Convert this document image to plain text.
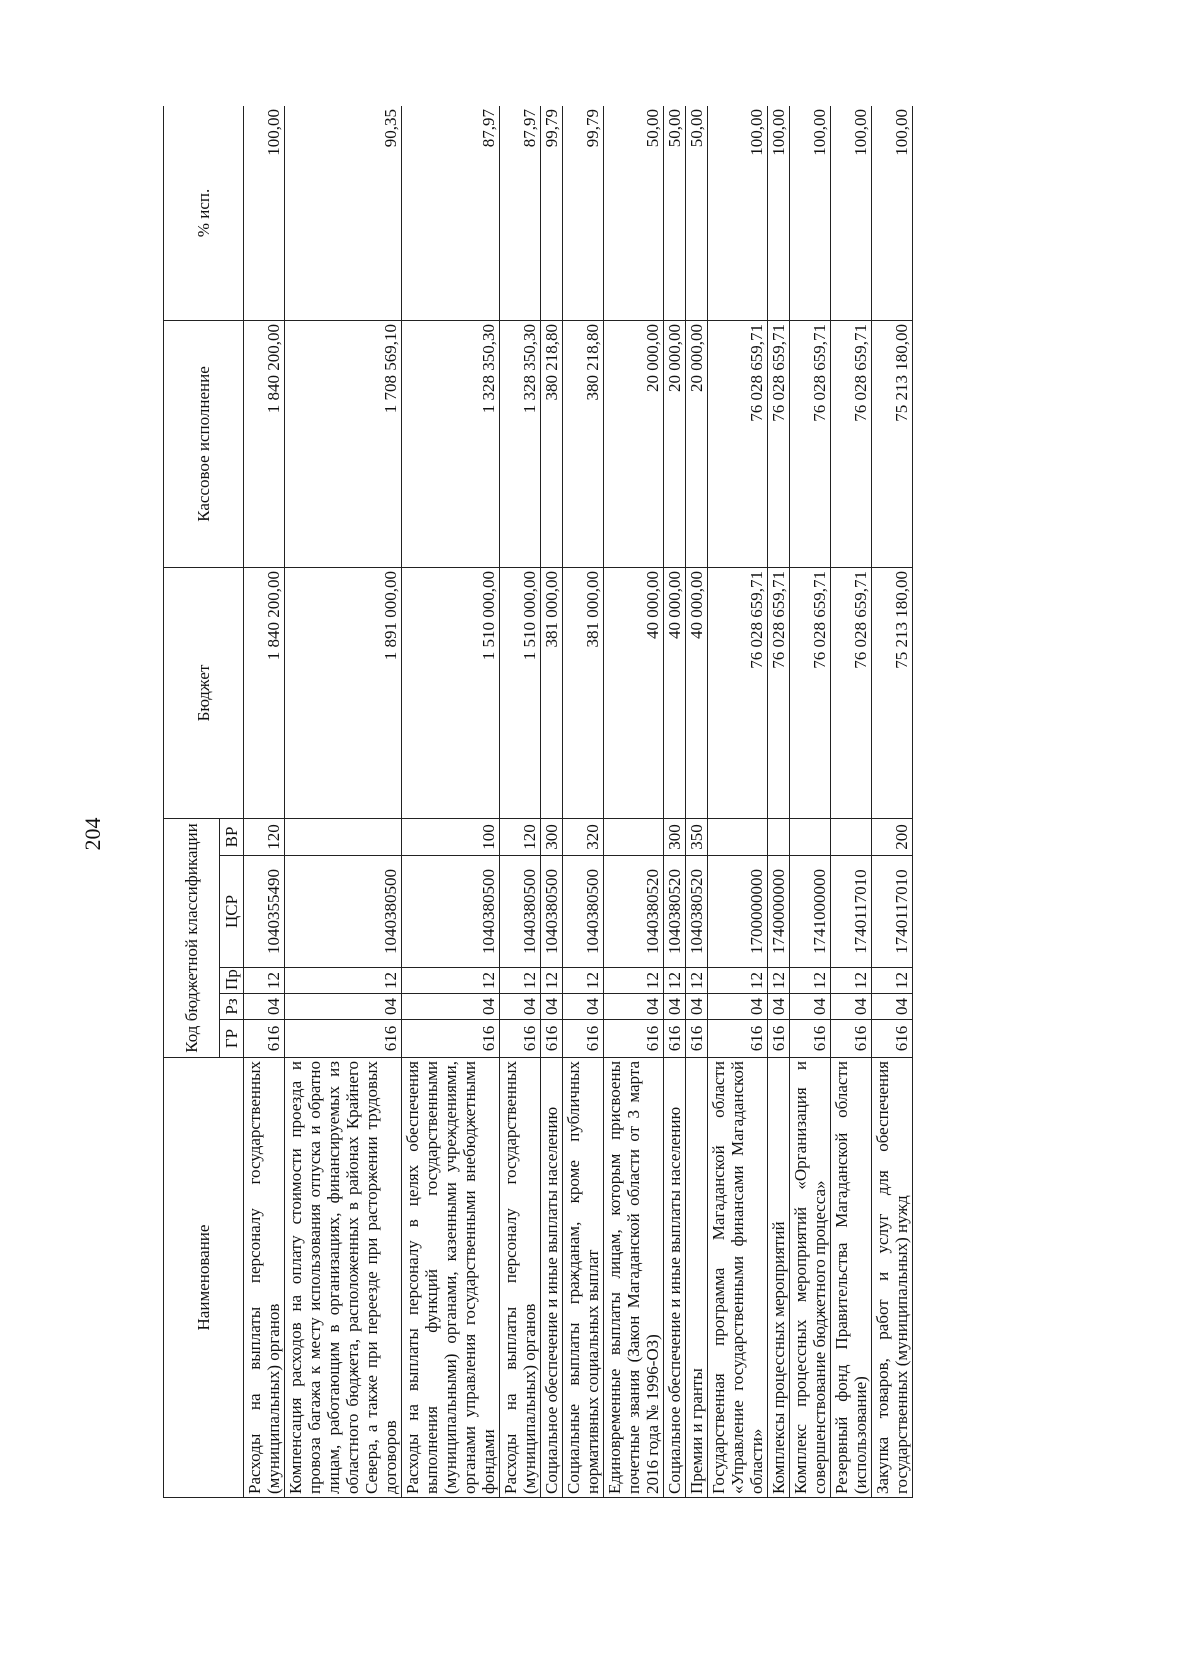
204
Наименование	Код бюджетной классификации					Бюджет	Кассовое исполнение	% исп.
	ГР	Рз	Пр	ЦСР	ВР			
Расходы на выплаты персоналу государственных (муниципальных) органов	616	04	12	1040355490	120	1 840 200,00	1 840 200,00	100,00
Компенсация расходов на оплату стоимости проезда и провоза багажа к месту использования отпуска и обратно лицам, работающим в организациях, финансируемых из областного бюджета, расположенных в районах Крайнего Севера, а также при переезде при расторжении трудовых договоров	616	04	12	1040380500		1 891 000,00	1 708 569,10	90,35
Расходы на выплаты персоналу в целях обеспечения выполнения функций государственными (муниципальными) органами, казенными учреждениями, органами управления государственными внебюджетными фондами	616	04	12	1040380500	100	1 510 000,00	1 328 350,30	87,97
Расходы на выплаты персоналу государственных (муниципальных) органов	616	04	12	1040380500	120	1 510 000,00	1 328 350,30	87,97
Социальное обеспечение и иные выплаты населению	616	04	12	1040380500	300	381 000,00	380 218,80	99,79
Социальные выплаты гражданам, кроме публичных нормативных социальных выплат	616	04	12	1040380500	320	381 000,00	380 218,80	99,79
Единовременные выплаты лицам, которым присвоены почетные звания (Закон Магаданской области от 3 марта 2016 года № 1996-ОЗ)	616	04	12	1040380520		40 000,00	20 000,00	50,00
Социальное обеспечение и иные выплаты населению	616	04	12	1040380520	300	40 000,00	20 000,00	50,00
Премии и гранты	616	04	12	1040380520	350	40 000,00	20 000,00	50,00
Государственная программа Магаданской области «Управление государственными финансами Магаданской области»	616	04	12	1700000000		76 028 659,71	76 028 659,71	100,00
Комплексы процессных мероприятий	616	04	12	1740000000		76 028 659,71	76 028 659,71	100,00
Комплекс процессных мероприятий «Организация и совершенствование бюджетного процесса»	616	04	12	1741000000		76 028 659,71	76 028 659,71	100,00
Резервный фонд Правительства Магаданской области (использование)	616	04	12	1740117010		76 028 659,71	76 028 659,71	100,00
Закупка товаров, работ и услуг для обеспечения государственных (муниципальных) нужд	616	04	12	1740117010	200	75 213 180,00	75 213 180,00	100,00
